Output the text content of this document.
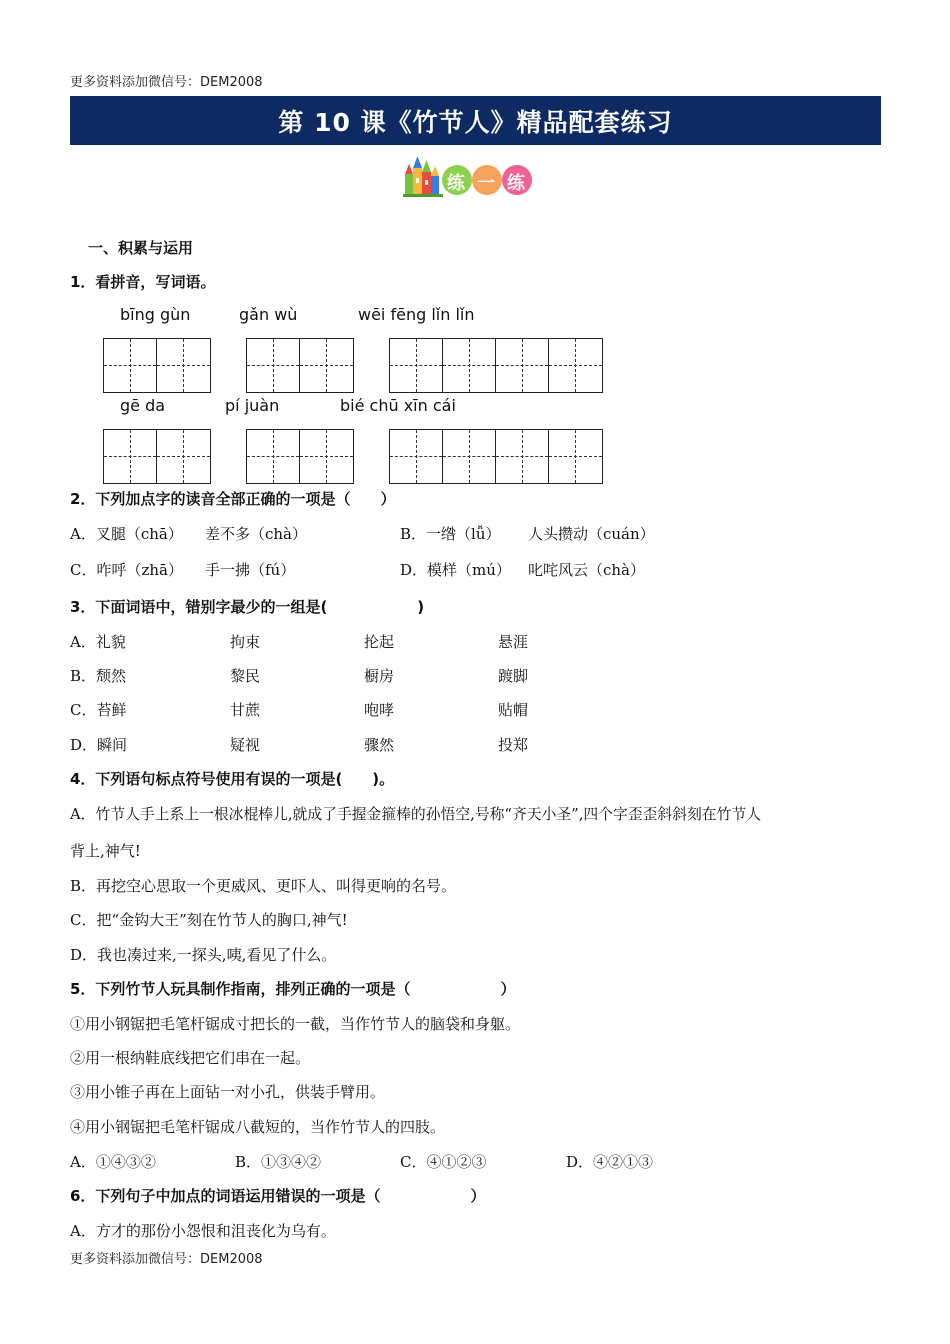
更多资料添加微信号：DEM2008
第 10 课《竹节人》精品配套练习
练 一 练
一、积累与运用
1．看拼音，写词语。
bīng gùn	gǎn wù	wēi fēng lǐn lǐn
gē da	pí juàn	bié chū xīn cái
2．下列加点字的读音全部正确的一项是（　　）
A．叉腿（chā） 差不多（chà）	B．一绺（lǚ） 人头攒动（cuán）
C．咋呼（zhā） 手一拂（fú）	D．模样（mú） 叱咤风云（chà）
3．下面词语中，错别字最少的一组是(　　　　　　)
A．礼貌	拘束	抡起	悬涯
B．颓然	黎民	橱房	踱脚
C．苔鲜	甘蔗	咆哮	贴帽
D．瞬间	疑视	骤然	投郑
4．下列语句标点符号使用有误的一项是(　　)。
A．竹节人手上系上一根冰棍棒儿,就成了手握金箍棒的孙悟空,号称“齐天小圣”,四个字歪歪斜斜刻在竹节人
背上,神气!
B．再挖空心思取一个更威风、更吓人、叫得更响的名号。
C．把“金钩大王”刻在竹节人的胸口,神气!
D．我也凑过来,一探头,咦,看见了什么。
5．下列竹节人玩具制作指南，排列正确的一项是（　　　　　　）
①用小钢锯把毛笔杆锯成寸把长的一截，当作竹节人的脑袋和身躯。
②用一根纳鞋底线把它们串在一起。
③用小锥子再在上面钻一对小孔，供装手臂用。
④用小钢锯把毛笔杆锯成八截短的，当作竹节人的四肢。
A．①④③②	B．①③④②	C．④①②③	D．④②①③
6．下列句子中加点的词语运用错误的一项是（　　　　　　）
A．方才的那份小怨恨和沮丧化为乌有。
更多资料添加微信号：DEM2008
